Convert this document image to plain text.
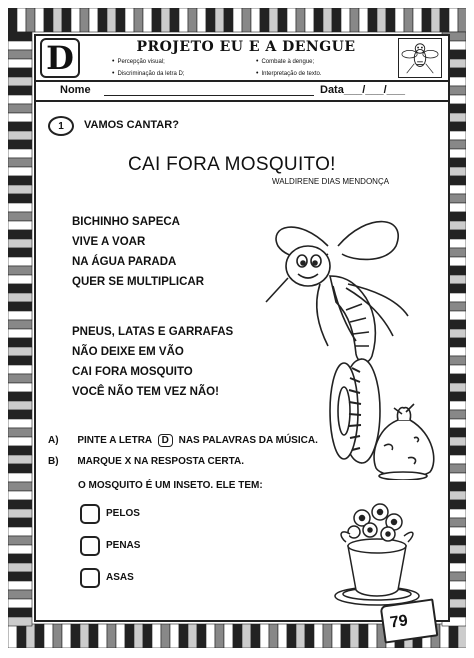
D	PROJETO EU E A DENGUE
• Percepção visual;	• Combate à dengue;
• Discriminação da letra D;	• Interpretação de texto.
Nome	Data___/___/___
1	VAMOS CANTAR?
CAI FORA MOSQUITO!
WALDIRENE DIAS MENDONÇA
BICHINHO SAPECA
VIVE A VOAR
NA ÁGUA PARADA
QUER SE MULTIPLICAR
PNEUS, LATAS E GARRAFAS
NÃO DEIXE EM VÃO
CAI FORA MOSQUITO
VOCÊ NÃO TEM VEZ NÃO!
A) PINTE A LETRA D NAS PALAVRAS DA MÚSICA.
B) MARQUE X NA RESPOSTA CERTA.
O MOSQUITO É UM INSETO. ELE TEM:
PELOS
PENAS
ASAS
79
